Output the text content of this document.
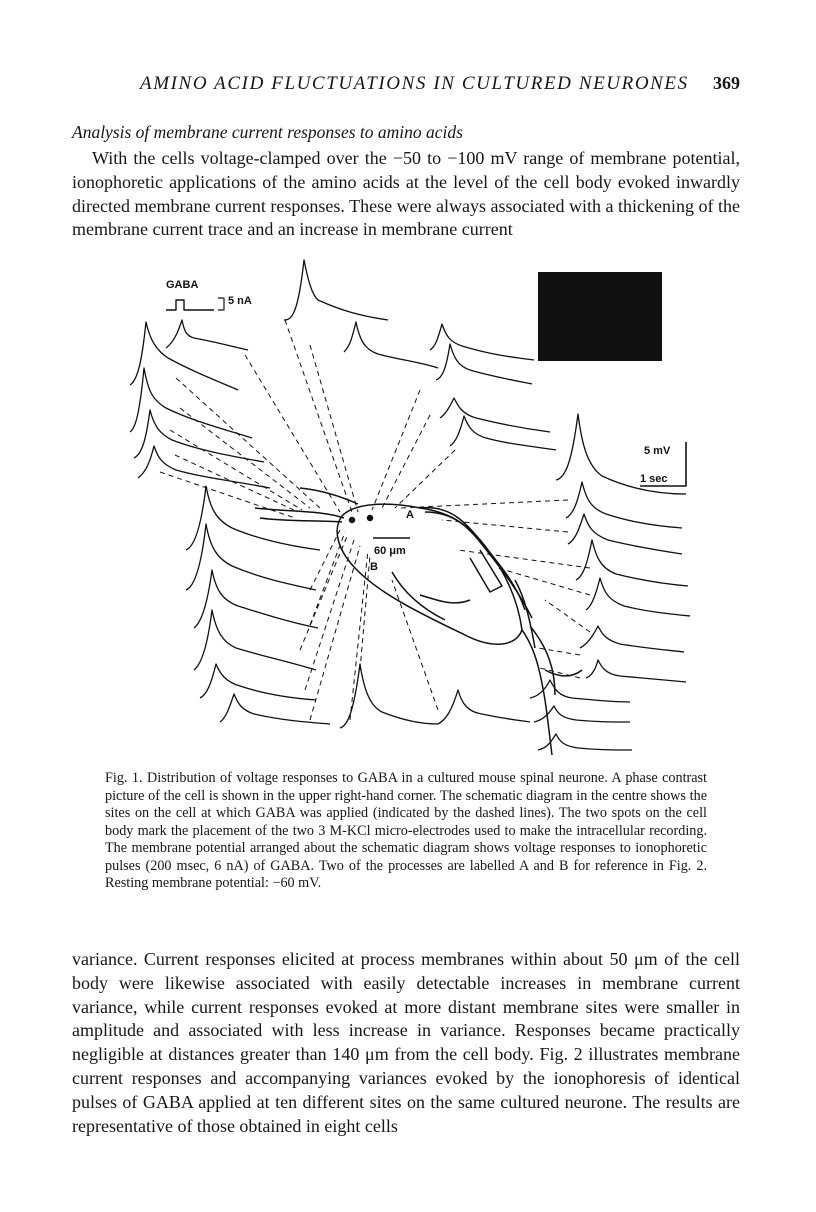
AMINO ACID FLUCTUATIONS IN CULTURED NEURONES 369
Analysis of membrane current responses to amino acids

With the cells voltage-clamped over the −50 to −100 mV range of membrane potential, ionophoretic applications of the amino acids at the level of the cell body evoked inwardly directed membrane current responses. These were always associated with a thickening of the membrane current trace and an increase in membrane current

GABA
5 nA
5 mV
1 sec
60 μm
A
B

Fig. 1. Distribution of voltage responses to GABA in a cultured mouse spinal neurone. A phase contrast picture of the cell is shown in the upper right-hand corner. The schematic diagram in the centre shows the sites on the cell at which GABA was applied (indicated by the dashed lines). The two spots on the cell body mark the placement of the two 3 M-KCl micro-electrodes used to make the intracellular recording. The membrane potential arranged about the schematic diagram shows voltage responses to ionophoretic pulses (200 msec, 6 nA) of GABA. Two of the processes are labelled A and B for reference in Fig. 2. Resting membrane potential: −60 mV.

variance. Current responses elicited at process membranes within about 50 μm of the cell body were likewise associated with easily detectable increases in membrane current variance, while current responses evoked at more distant membrane sites were smaller in amplitude and associated with less increase in variance. Responses became practically negligible at distances greater than 140 μm from the cell body. Fig. 2 illustrates membrane current responses and accompanying variances evoked by the ionophoresis of identical pulses of GABA applied at ten different sites on the same cultured neurone. The results are representative of those obtained in eight cells
